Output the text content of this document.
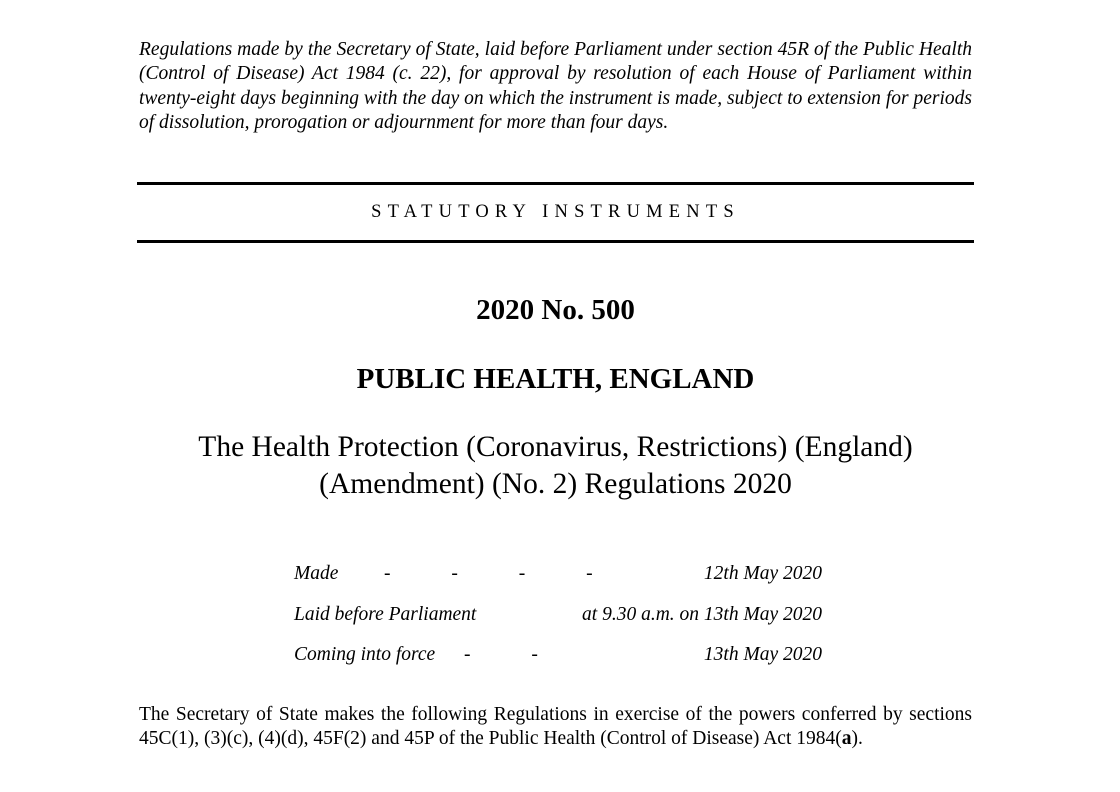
Regulations made by the Secretary of State, laid before Parliament under section 45R of the Public Health (Control of Disease) Act 1984 (c. 22), for approval by resolution of each House of Parliament within twenty-eight days beginning with the day on which the instrument is made, subject to extension for periods of dissolution, prorogation or adjournment for more than four days.

STATUTORY INSTRUMENTS
2020 No. 500
PUBLIC HEALTH, ENGLAND
The Health Protection (Coronavirus, Restrictions) (England)
(Amendment) (No. 2) Regulations 2020
Made - - - -	12th May 2020
Laid before Parliament	at 9.30 a.m. on 13th May 2020
Coming into force - -	13th May 2020

The Secretary of State makes the following Regulations in exercise of the powers conferred by sections 45C(1), (3)(c), (4)(d), 45F(2) and 45P of the Public Health (Control of Disease) Act 1984(a).
